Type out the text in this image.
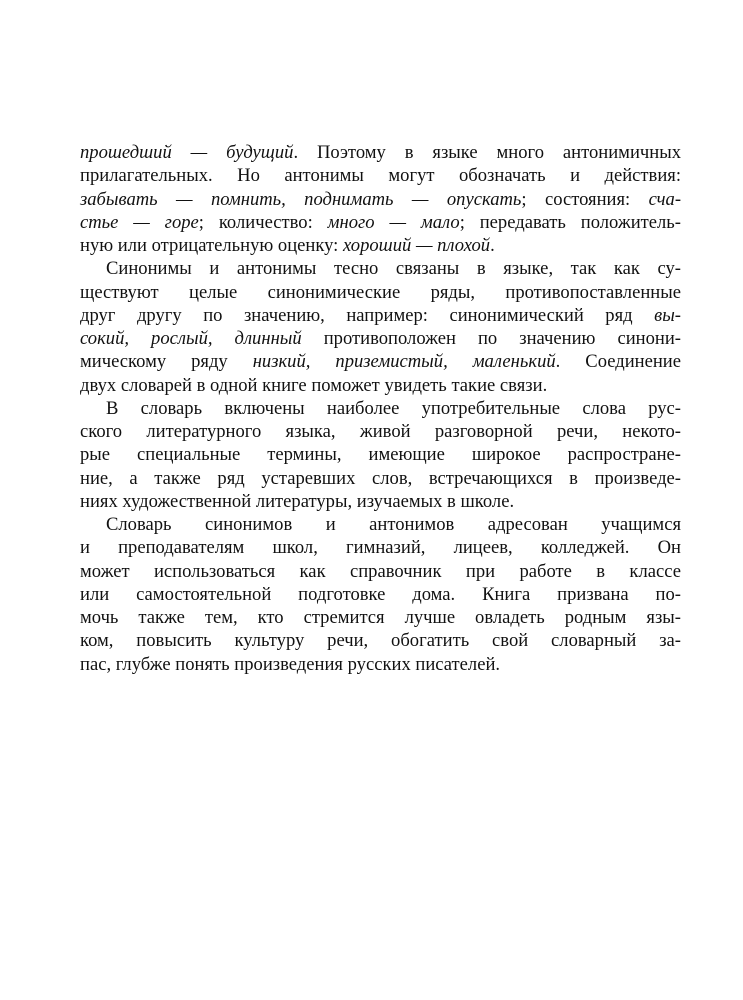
прошедший — будущий. Поэтому в языке много антонимичных
прилагательных. Но антонимы могут обозначать и действия:
забывать — помнить, поднимать — опускать; состояния: сча-
стье — горе; количество: много — мало; передавать положитель-
ную или отрицательную оценку: хороший — плохой.
Синонимы и антонимы тесно связаны в языке, так как су-
ществуют целые синонимические ряды, противопоставленные
друг другу по значению, например: синонимический ряд вы-
сокий, рослый, длинный противоположен по значению синони-
мическому ряду низкий, приземистый, маленький. Соединение
двух словарей в одной книге поможет увидеть такие связи.
В словарь включены наиболее употребительные слова рус-
ского литературного языка, живой разговорной речи, некото-
рые специальные термины, имеющие широкое распростране-
ние, а также ряд устаревших слов, встречающихся в произведе-
ниях художественной литературы, изучаемых в школе.
Словарь синонимов и антонимов адресован учащимся
и преподавателям школ, гимназий, лицеев, колледжей. Он
может использоваться как справочник при работе в классе
или самостоятельной подготовке дома. Книга призвана по-
мочь также тем, кто стремится лучше овладеть родным язы-
ком, повысить культуру речи, обогатить свой словарный за-
пас, глубже понять произведения русских писателей.
